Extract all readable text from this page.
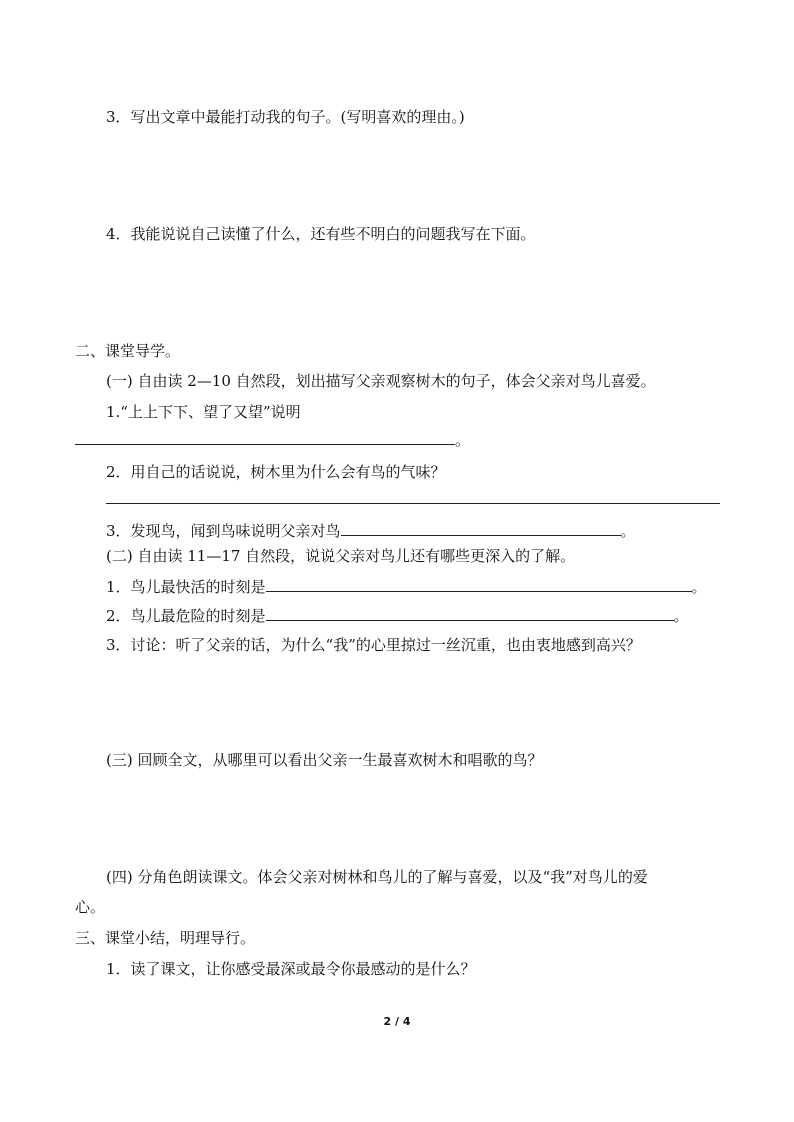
3．写出文章中最能打动我的句子。(写明喜欢的理由。)
4．我能说说自己读懂了什么，还有些不明白的问题我写在下面。
二、课堂导学。
(一) 自由读 2—10 自然段，划出描写父亲观察树木的句子，体会父亲对鸟儿喜爱。
1.“上上下下、望了又望”说明
。
2．用自己的话说说，树木里为什么会有鸟的气味？
3．发现鸟，闻到鸟味说明父亲对鸟	。
(二) 自由读 11—17 自然段，说说父亲对鸟儿还有哪些更深入的了解。
1．鸟儿最快活的时刻是	。
2．鸟儿最危险的时刻是	。
3．讨论：听了父亲的话，为什么“我”的心里掠过一丝沉重，也由衷地感到高兴？
(三) 回顾全文，从哪里可以看出父亲一生最喜欢树木和唱歌的鸟？
(四) 分角色朗读课文。体会父亲对树林和鸟儿的了解与喜爱，以及“我”对鸟儿的爱
心。
三、课堂小结，明理导行。
1．读了课文，让你感受最深或最令你最感动的是什么？
2 / 4
